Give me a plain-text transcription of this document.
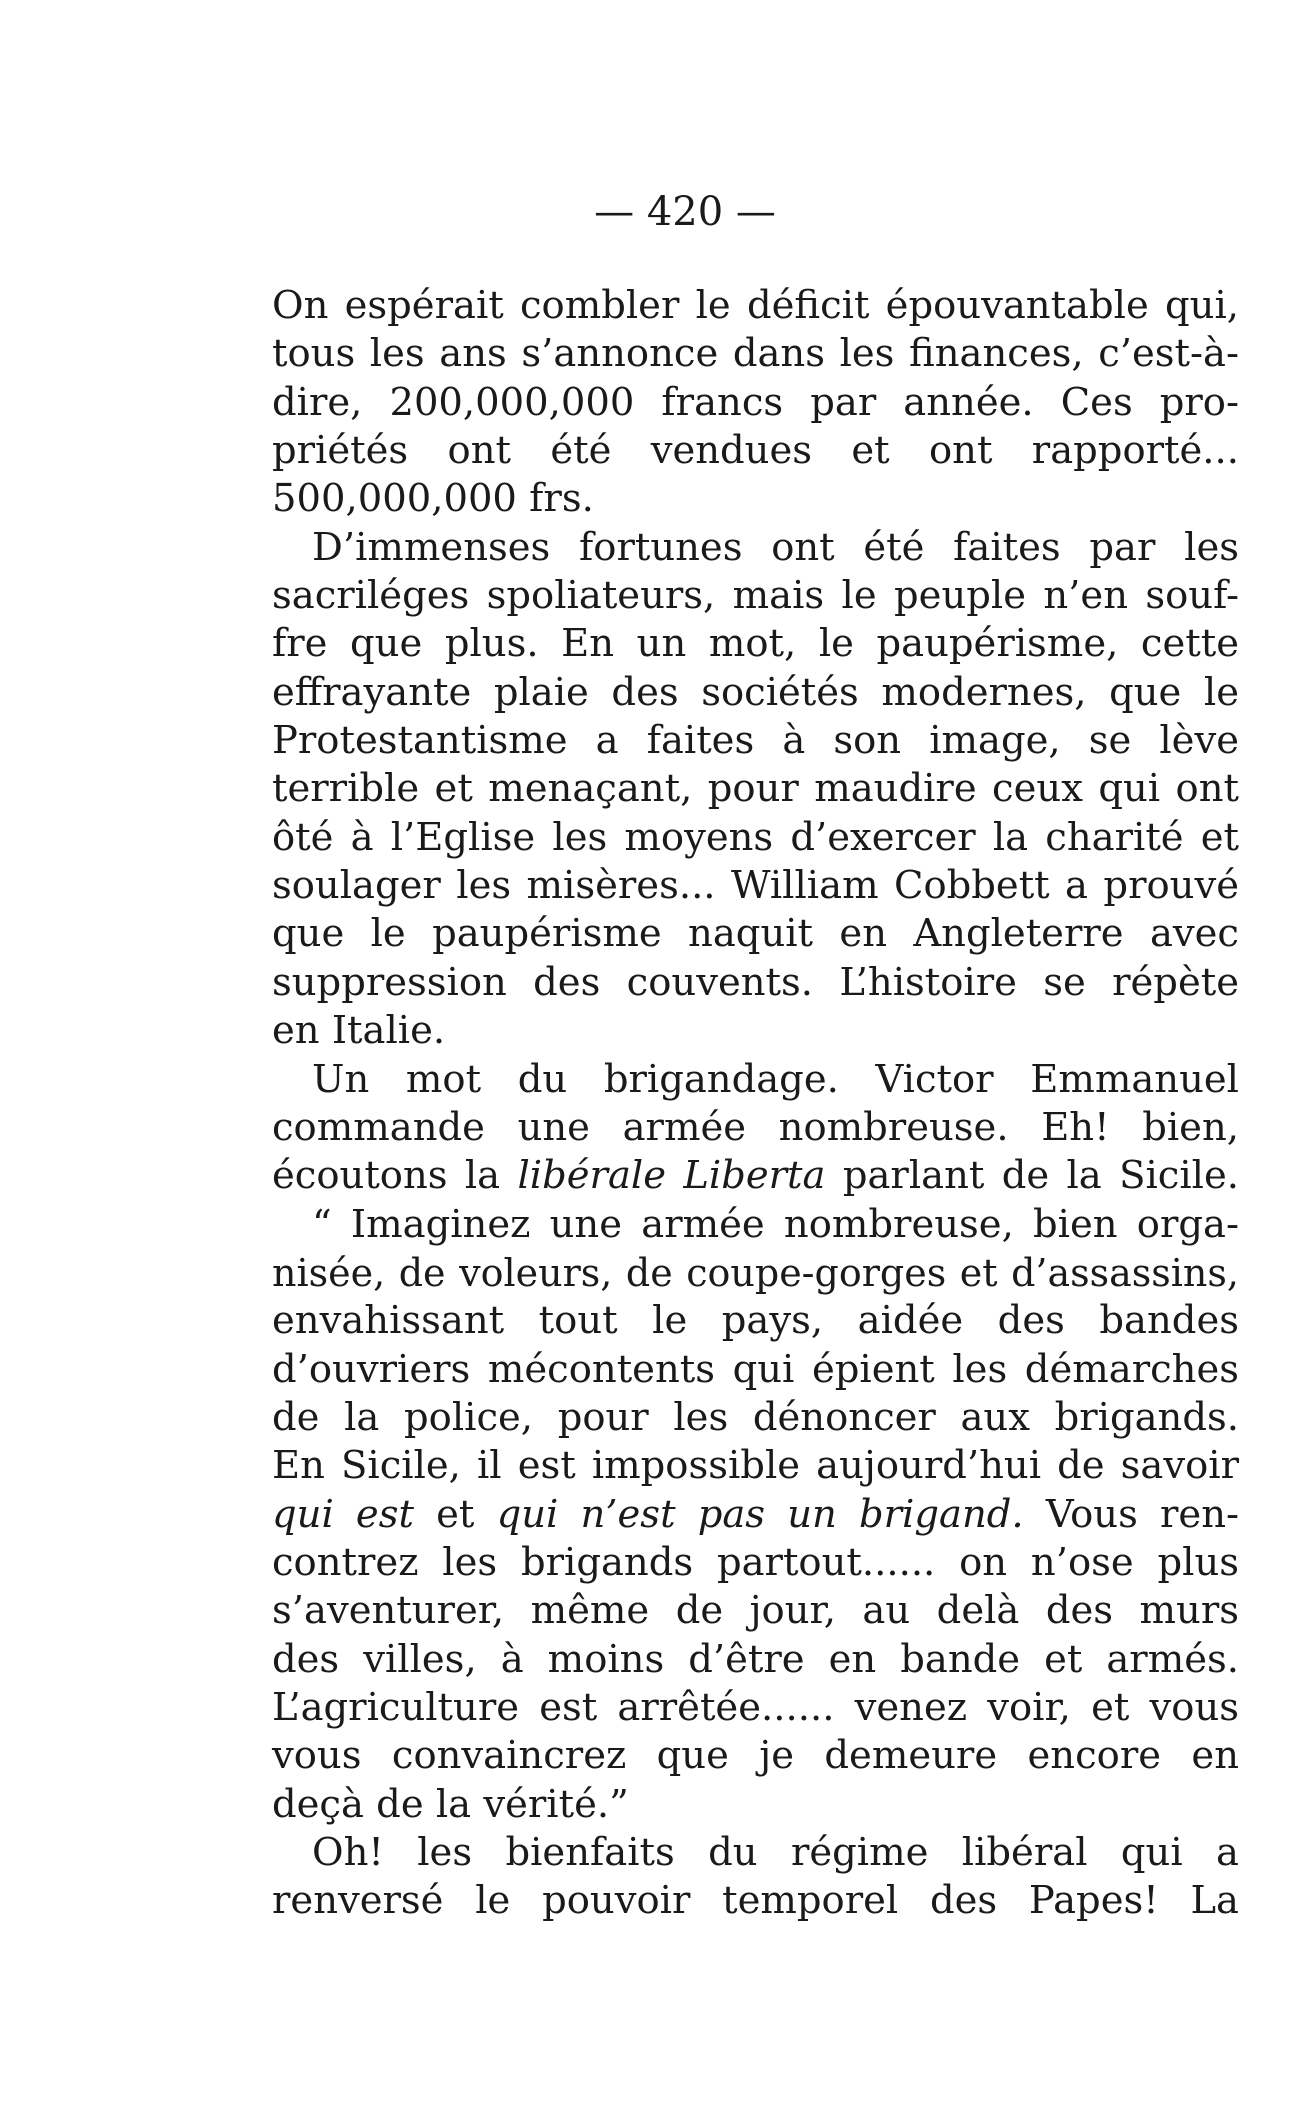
— 420 —
On espérait combler le déficit épouvantable qui,
tous les ans s’annonce dans les finances, c’est-à-
dire, 200,000,000 francs par année. Ces pro-
priétés ont été vendues et ont rapporté...
500,000,000 frs.
D’immenses fortunes ont été faites par les
sacriléges spoliateurs, mais le peuple n’en souf-
fre que plus. En un mot, le paupérisme, cette
effrayante plaie des sociétés modernes, que le
Protestantisme a faites à son image, se lève
terrible et menaçant, pour maudire ceux qui ont
ôté à l’Eglise les moyens d’exercer la charité et
soulager les misères... William Cobbett a prouvé
que le paupérisme naquit en Angleterre avec
suppression des couvents. L’histoire se répète
en Italie.
Un mot du brigandage. Victor Emmanuel
commande une armée nombreuse. Eh! bien,
écoutons la libérale Liberta parlant de la Sicile.
“ Imaginez une armée nombreuse, bien orga-
nisée, de voleurs, de coupe-gorges et d’assassins,
envahissant tout le pays, aidée des bandes
d’ouvriers mécontents qui épient les démarches
de la police, pour les dénoncer aux brigands.
En Sicile, il est impossible aujourd’hui de savoir
qui est et qui n’est pas un brigand. Vous ren-
contrez les brigands partout...... on n’ose plus
s’aventurer, même de jour, au delà des murs
des villes, à moins d’être en bande et armés.
L’agriculture est arrêtée...... venez voir, et vous
vous convaincrez que je demeure encore en
deçà de la vérité.”
Oh! les bienfaits du régime libéral qui a
renversé le pouvoir temporel des Papes! La
